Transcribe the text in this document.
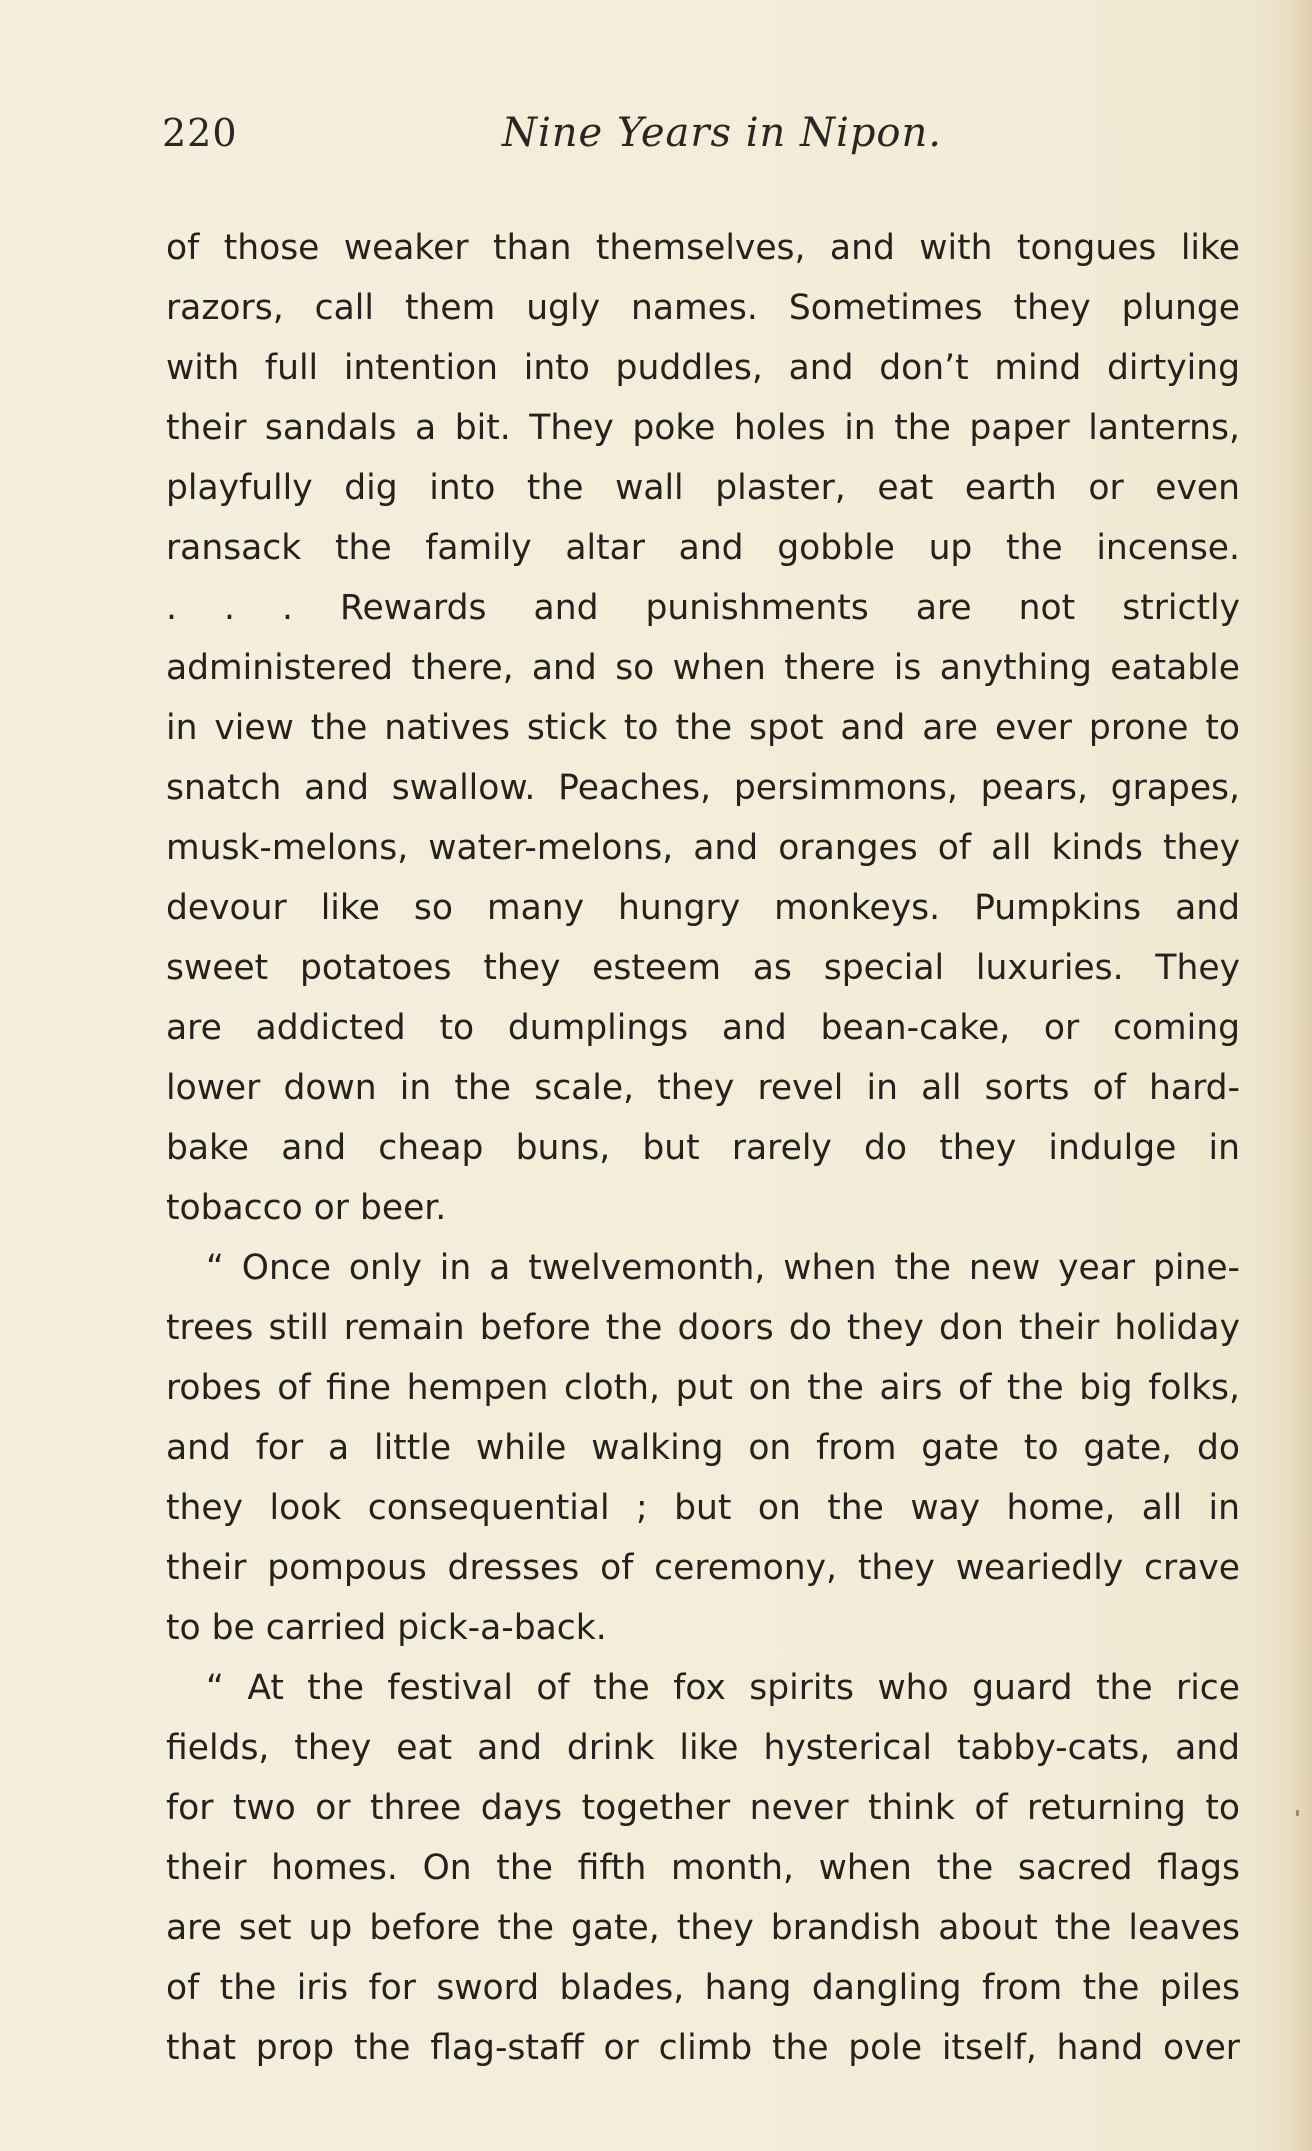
220	Nine Years in Nipon.
of those weaker than themselves, and with tongues like
razors, call them ugly names. Sometimes they plunge
with full intention into puddles, and don’t mind dirtying
their sandals a bit. They poke holes in the paper lanterns,
playfully dig into the wall plaster, eat earth or even
ransack the family altar and gobble up the incense.
. . . Rewards and punishments are not strictly
administered there, and so when there is anything eatable
in view the natives stick to the spot and are ever prone to
snatch and swallow. Peaches, persimmons, pears, grapes,
musk-melons, water-melons, and oranges of all kinds they
devour like so many hungry monkeys. Pumpkins and
sweet potatoes they esteem as special luxuries. They
are addicted to dumplings and bean-cake, or coming
lower down in the scale, they revel in all sorts of hard-
bake and cheap buns, but rarely do they indulge in
tobacco or beer.
“ Once only in a twelvemonth, when the new year pine-
trees still remain before the doors do they don their holiday
robes of fine hempen cloth, put on the airs of the big folks,
and for a little while walking on from gate to gate, do
they look consequential ; but on the way home, all in
their pompous dresses of ceremony, they weariedly crave
to be carried pick-a-back.
“ At the festival of the fox spirits who guard the rice
fields, they eat and drink like hysterical tabby-cats, and
for two or three days together never think of returning to
their homes. On the fifth month, when the sacred flags
are set up before the gate, they brandish about the leaves
of the iris for sword blades, hang dangling from the piles
that prop the flag-staff or climb the pole itself, hand over
